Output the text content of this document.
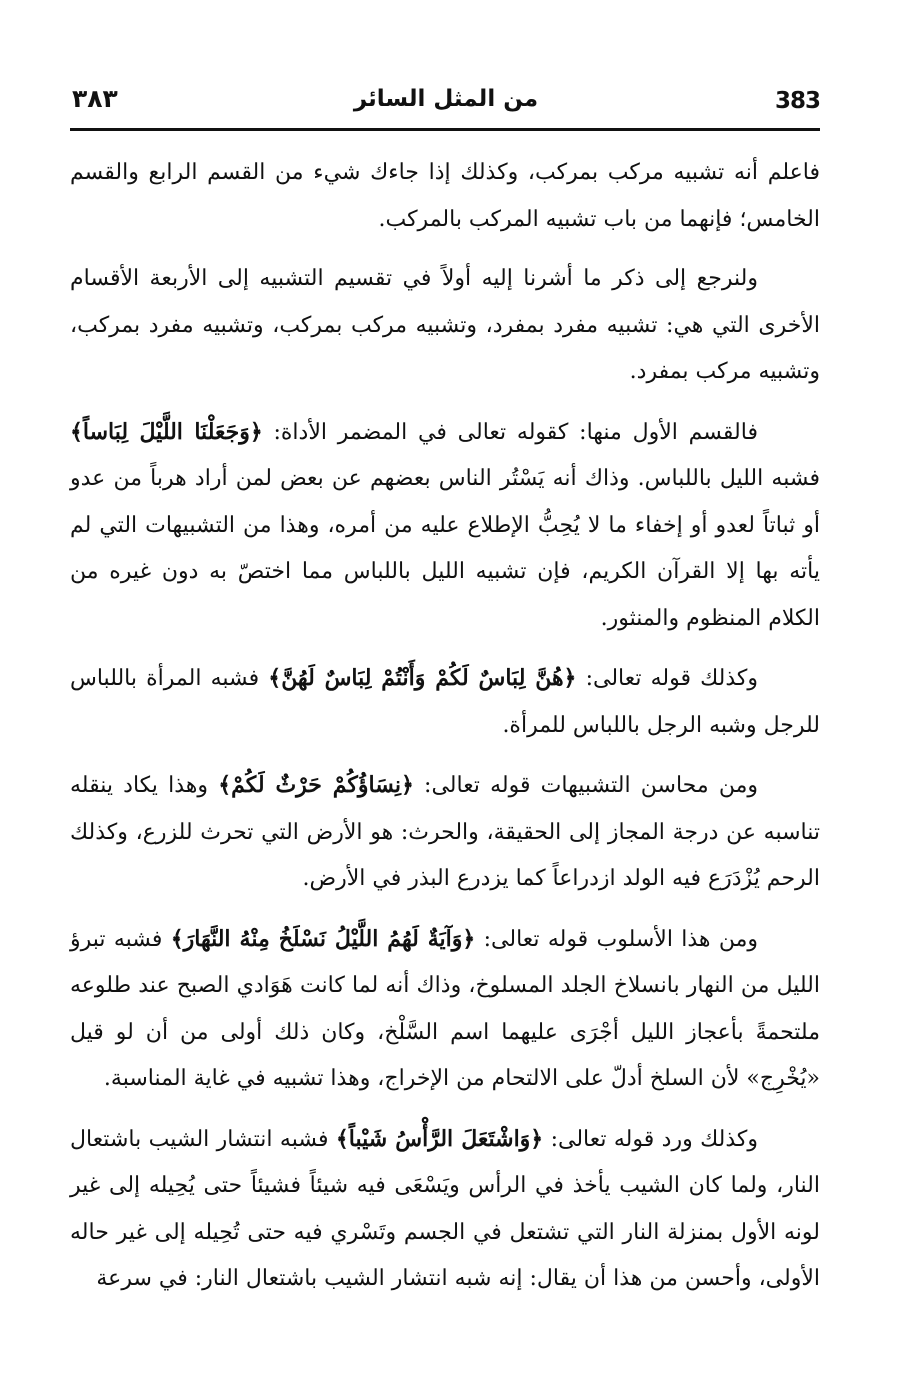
383
من المثل السائر
٣٨٣

فاعلم أنه تشبيه مركب بمركب، وكذلك إذا جاءك شيء من القسم الرابع والقسم الخامس؛ فإنهما من باب تشبيه المركب بالمركب.

ولنرجع إلى ذكر ما أشرنا إليه أولاً في تقسيم التشبيه إلى الأربعة الأقسام الأخرى التي هي: تشبيه مفرد بمفرد، وتشبيه مركب بمركب، وتشبيه مفرد بمركب، وتشبيه مركب بمفرد.

فالقسم الأول منها: كقوله تعالى في المضمر الأداة: ﴿وَجَعَلْنَا اللَّيْلَ لِبَاساً﴾ فشبه الليل باللباس. وذاك أنه يَسْتُر الناس بعضهم عن بعض لمن أراد هرباً من عدو أو ثباتاً لعدو أو إخفاء ما لا يُحِبُّ الإطلاع عليه من أمره، وهذا من التشبيهات التي لم يأته بها إلا القرآن الكريم، فإن تشبيه الليل باللباس مما اختصّ به دون غيره من الكلام المنظوم والمنثور.

وكذلك قوله تعالى: ﴿هُنَّ لِبَاسٌ لَكُمْ وَأَنْتُمْ لِبَاسٌ لَهُنَّ﴾ فشبه المرأة باللباس للرجل وشبه الرجل باللباس للمرأة.

ومن محاسن التشبيهات قوله تعالى: ﴿نِسَاؤُكُمْ حَرْثٌ لَكُمْ﴾ وهذا يكاد ينقله تناسبه عن درجة المجاز إلى الحقيقة، والحرث: هو الأرض التي تحرث للزرع، وكذلك الرحم يُزْدَرَع فيه الولد ازدراعاً كما يزدرع البذر في الأرض.

ومن هذا الأسلوب قوله تعالى: ﴿وَآيَةٌ لَهُمُ اللَّيْلُ نَسْلَخُ مِنْهُ النَّهَارَ﴾ فشبه تبرؤ الليل من النهار بانسلاخ الجلد المسلوخ، وذاك أنه لما كانت هَوَادي الصبح عند طلوعه ملتحمةً بأعجاز الليل أجْرَى عليهما اسم السَّلْخ، وكان ذلك أولى من أن لو قيل «يُخْرِج» لأن السلخ أدلّ على الالتحام من الإخراج، وهذا تشبيه في غاية المناسبة.

وكذلك ورد قوله تعالى: ﴿وَاشْتَعَلَ الرَّأْسُ شَيْباً﴾ فشبه انتشار الشيب باشتعال النار، ولما كان الشيب يأخذ في الرأس ويَسْعَى فيه شيئاً فشيئاً حتى يُحِيله إلى غير لونه الأول بمنزلة النار التي تشتعل في الجسم وتَسْري فيه حتى تُحِيله إلى غير حاله الأولى، وأحسن من هذا أن يقال: إنه شبه انتشار الشيب باشتعال النار: في سرعة
